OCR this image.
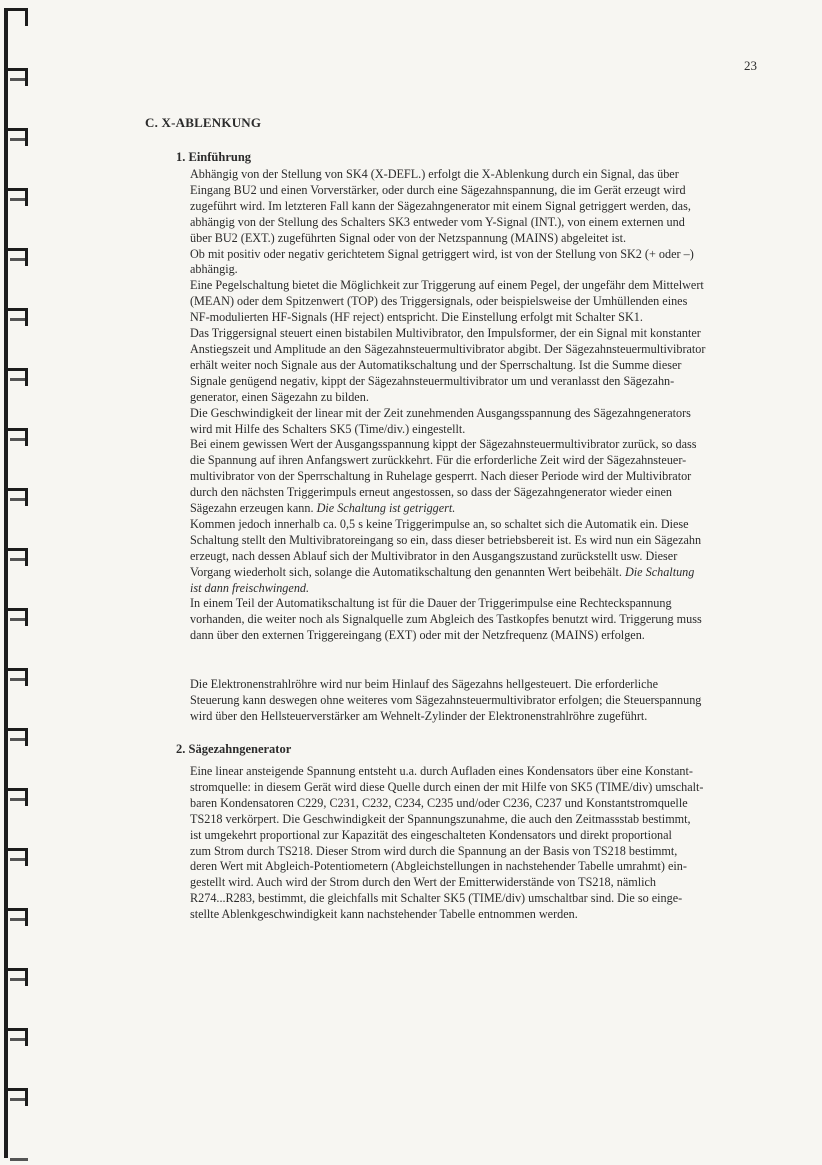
23
C. X-ABLENKUNG
1. Einführung

Abhängig von der Stellung von SK4 (X-DEFL.) erfolgt die X-Ablenkung durch ein Signal, das über
Eingang BU2 und einen Vorverstärker, oder durch eine Sägezahnspannung, die im Gerät erzeugt wird
zugeführt wird. Im letzteren Fall kann der Sägezahngenerator mit einem Signal getriggert werden, das,
abhängig von der Stellung des Schalters SK3 entweder vom Y-Signal (INT.), von einem externen und
über BU2 (EXT.) zugeführten Signal oder von der Netzspannung (MAINS) abgeleitet ist.
Ob mit positiv oder negativ gerichtetem Signal getriggert wird, ist von der Stellung von SK2 (+ oder –)
abhängig.
Eine Pegelschaltung bietet die Möglichkeit zur Triggerung auf einem Pegel, der ungefähr dem Mittelwert
(MEAN) oder dem Spitzenwert (TOP) des Triggersignals, oder beispielsweise der Umhüllenden eines
NF-modulierten HF-Signals (HF reject) entspricht. Die Einstellung erfolgt mit Schalter SK1.
Das Triggersignal steuert einen bistabilen Multivibrator, den Impulsformer, der ein Signal mit konstanter
Anstiegszeit und Amplitude an den Sägezahnsteuermultivibrator abgibt. Der Sägezahnsteuermultivibrator
erhält weiter noch Signale aus der Automatikschaltung und der Sperrschaltung. Ist die Summe dieser
Signale genügend negativ, kippt der Sägezahnsteuermultivibrator um und veranlasst den Sägezahn-
generator, einen Sägezahn zu bilden.
Die Geschwindigkeit der linear mit der Zeit zunehmenden Ausgangsspannung des Sägezahngenerators
wird mit Hilfe des Schalters SK5 (Time/div.) eingestellt.
Bei einem gewissen Wert der Ausgangsspannung kippt der Sägezahnsteuermultivibrator zurück, so dass
die Spannung auf ihren Anfangswert zurückkehrt. Für die erforderliche Zeit wird der Sägezahnsteuer-
multivibrator von der Sperrschaltung in Ruhelage gesperrt. Nach dieser Periode wird der Multivibrator
durch den nächsten Triggerimpuls erneut angestossen, so dass der Sägezahngenerator wieder einen
Sägezahn erzeugen kann. Die Schaltung ist getriggert.
Kommen jedoch innerhalb ca. 0,5 s keine Triggerimpulse an, so schaltet sich die Automatik ein. Diese
Schaltung stellt den Multivibratoreingang so ein, dass dieser betriebsbereit ist. Es wird nun ein Sägezahn
erzeugt, nach dessen Ablauf sich der Multivibrator in den Ausgangszustand zurückstellt usw. Dieser
Vorgang wiederholt sich, solange die Automatikschaltung den genannten Wert beibehält. Die Schaltung
ist dann freischwingend.
In einem Teil der Automatikschaltung ist für die Dauer der Triggerimpulse eine Rechteckspannung
vorhanden, die weiter noch als Signalquelle zum Abgleich des Tastkopfes benutzt wird. Triggerung muss
dann über den externen Triggereingang (EXT) oder mit der Netzfrequenz (MAINS) erfolgen.

Die Elektronenstrahlröhre wird nur beim Hinlauf des Sägezahns hellgesteuert. Die erforderliche
Steuerung kann deswegen ohne weiteres vom Sägezahnsteuermultivibrator erfolgen; die Steuerspannung
wird über den Hellsteuerverstärker am Wehnelt-Zylinder der Elektronenstrahlröhre zugeführt.

2. Sägezahngenerator

Eine linear ansteigende Spannung entsteht u.a. durch Aufladen eines Kondensators über eine Konstant-
stromquelle: in diesem Gerät wird diese Quelle durch einen der mit Hilfe von SK5 (TIME/div) umschalt-
baren Kondensatoren C229, C231, C232, C234, C235 und/oder C236, C237 und Konstantstromquelle
TS218 verkörpert. Die Geschwindigkeit der Spannungszunahme, die auch den Zeitmassstab bestimmt,
ist umgekehrt proportional zur Kapazität des eingeschalteten Kondensators und direkt proportional
zum Strom durch TS218. Dieser Strom wird durch die Spannung an der Basis von TS218 bestimmt,
deren Wert mit Abgleich-Potentiometern (Abgleichstellungen in nachstehender Tabelle umrahmt) ein-
gestellt wird. Auch wird der Strom durch den Wert der Emitterwiderstände von TS218, nämlich
R274...R283, bestimmt, die gleichfalls mit Schalter SK5 (TIME/div) umschaltbar sind. Die so einge-
stellte Ablenkgeschwindigkeit kann nachstehender Tabelle entnommen werden.
